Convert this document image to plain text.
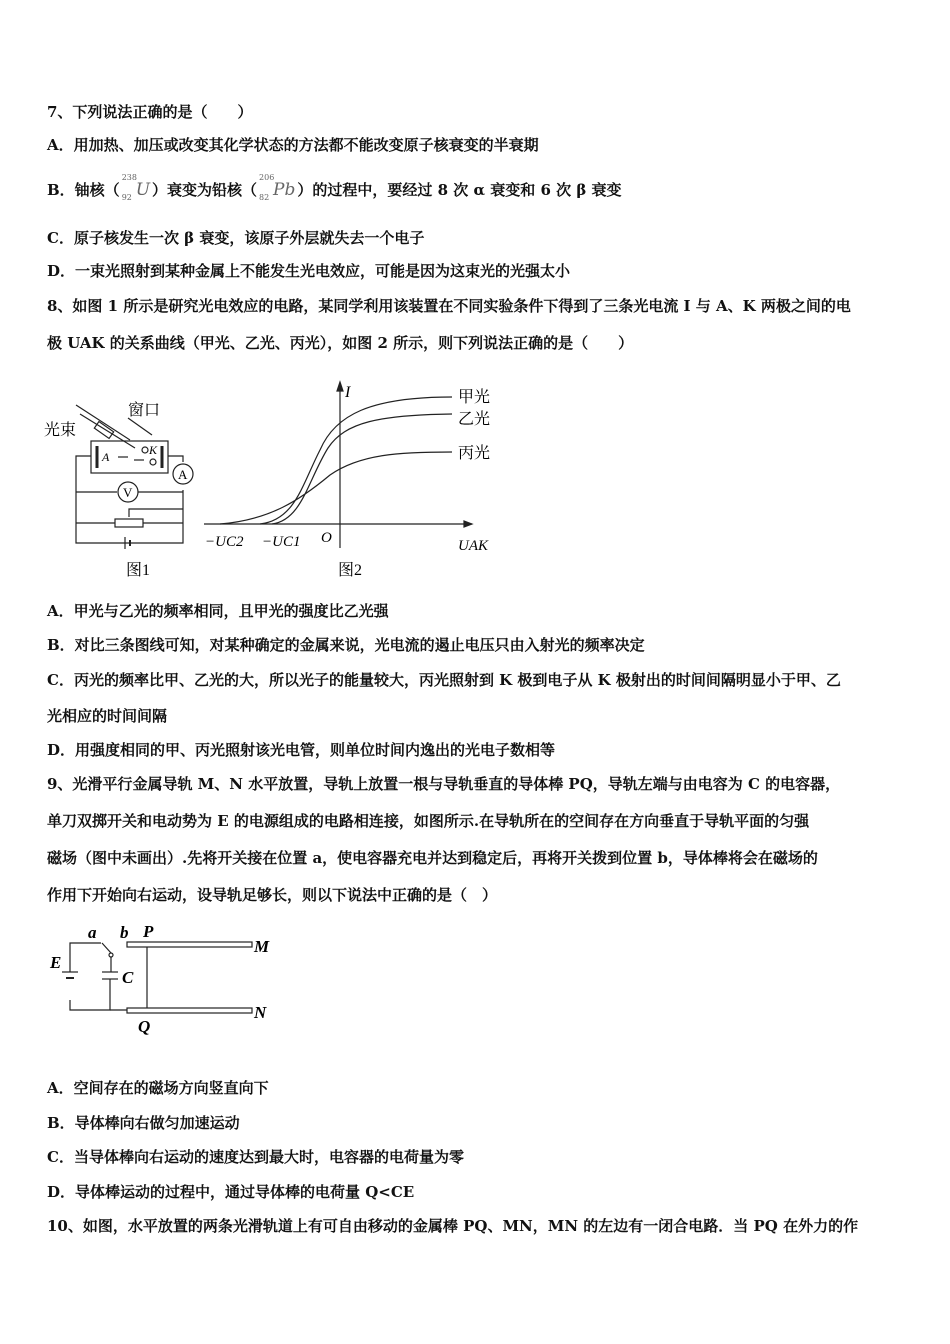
7、下列说法正确的是（　　）
A．用加热、加压或改变其化学状态的方法都不能改变原子核衰变的半衰期
B．铀核（
238
92 U ）衰变为铅核（
206
82 Pb ）的过程中，要经过 8 次 α 衰变和 6 次 β 衰变
C．原子核发生一次 β 衰变，该原子外层就失去一个电子
D．一束光照射到某种金属上不能发生光电效应，可能是因为这束光的光强太小
8、如图 1 所示是研究光电效应的电路，某同学利用该装置在不同实验条件下得到了三条光电流 I 与 A、K 两极之间的电
极 UAK 的关系曲线（甲光、乙光、丙光），如图 2 所示，则下列说法正确的是（　　）
窗口
光束
A	K
A
V
图1
I
UAK
O
−UC2 −UC1
甲光
乙光
丙光
图2
A．甲光与乙光的频率相同，且甲光的强度比乙光强
B．对比三条图线可知，对某种确定的金属来说，光电流的遏止电压只由入射光的频率决定
C．丙光的频率比甲、乙光的大，所以光子的能量较大，丙光照射到 K 极到电子从 K 极射出的时间间隔明显小于甲、乙
光相应的时间间隔
D．用强度相同的甲、丙光照射该光电管，则单位时间内逸出的光电子数相等
9、光滑平行金属导轨 M、N 水平放置，导轨上放置一根与导轨垂直的导体棒 PQ，导轨左端与由电容为 C 的电容器，
单刀双掷开关和电动势为 E 的电源组成的电路相连接，如图所示.在导轨所在的空间存在方向垂直于导轨平面的匀强
磁场（图中未画出）.先将开关接在位置 a，使电容器充电并达到稳定后，再将开关拨到位置 b，导体棒将会在磁场的
作用下开始向右运动，设导轨足够长，则以下说法中正确的是（　）
a b P
M
E
C
Q
N
A．空间存在的磁场方向竖直向下
B．导体棒向右做匀加速运动
C．当导体棒向右运动的速度达到最大时，电容器的电荷量为零
D．导体棒运动的过程中，通过导体棒的电荷量 Q<CE
10、如图，水平放置的两条光滑轨道上有可自由移动的金属棒 PQ、MN，MN 的左边有一闭合电路．当 PQ 在外力的作
